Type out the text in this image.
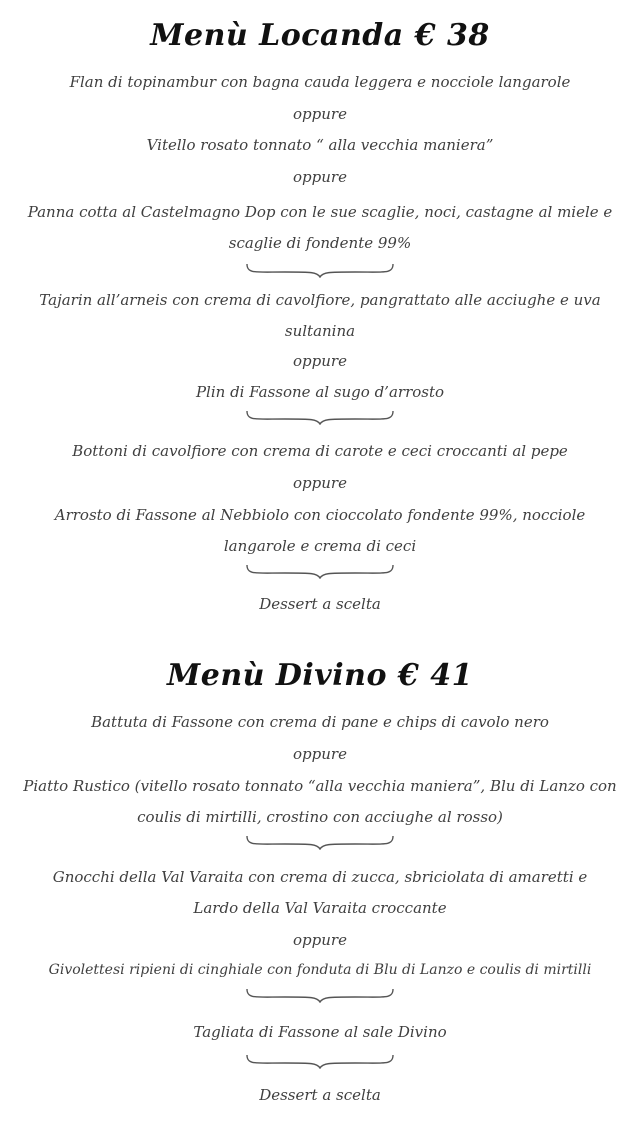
Menù Locanda € 38
Flan di topinambur con bagna cauda leggera e nocciole langarole
oppure
Vitello rosato tonnato “ alla vecchia maniera”
oppure
Panna cotta al Castelmagno Dop con le sue scaglie, noci, castagne al miele e scaglie di fondente 99%
Tajarin all’arneis con crema di cavolfiore, pangrattato alle acciughe e uva sultanina
oppure
Plin di Fassone al sugo d’arrosto
Bottoni di cavolfiore con crema di carote e ceci croccanti al pepe
oppure
Arrosto di Fassone al Nebbiolo con cioccolato fondente 99%, nocciole langarole e crema di ceci
Dessert a scelta
Menù Divino € 41
Battuta di Fassone con crema di pane e chips di cavolo nero
oppure
Piatto Rustico (vitello rosato tonnato “alla vecchia maniera”, Blu di Lanzo con coulis di mirtilli, crostino con acciughe al rosso)
Gnocchi della Val Varaita con crema di zucca, sbriciolata di amaretti e Lardo della Val Varaita croccante
oppure
Givolettesi ripieni di cinghiale con fonduta di Blu di Lanzo e coulis di mirtilli
Tagliata di Fassone al sale Divino
Dessert a scelta
